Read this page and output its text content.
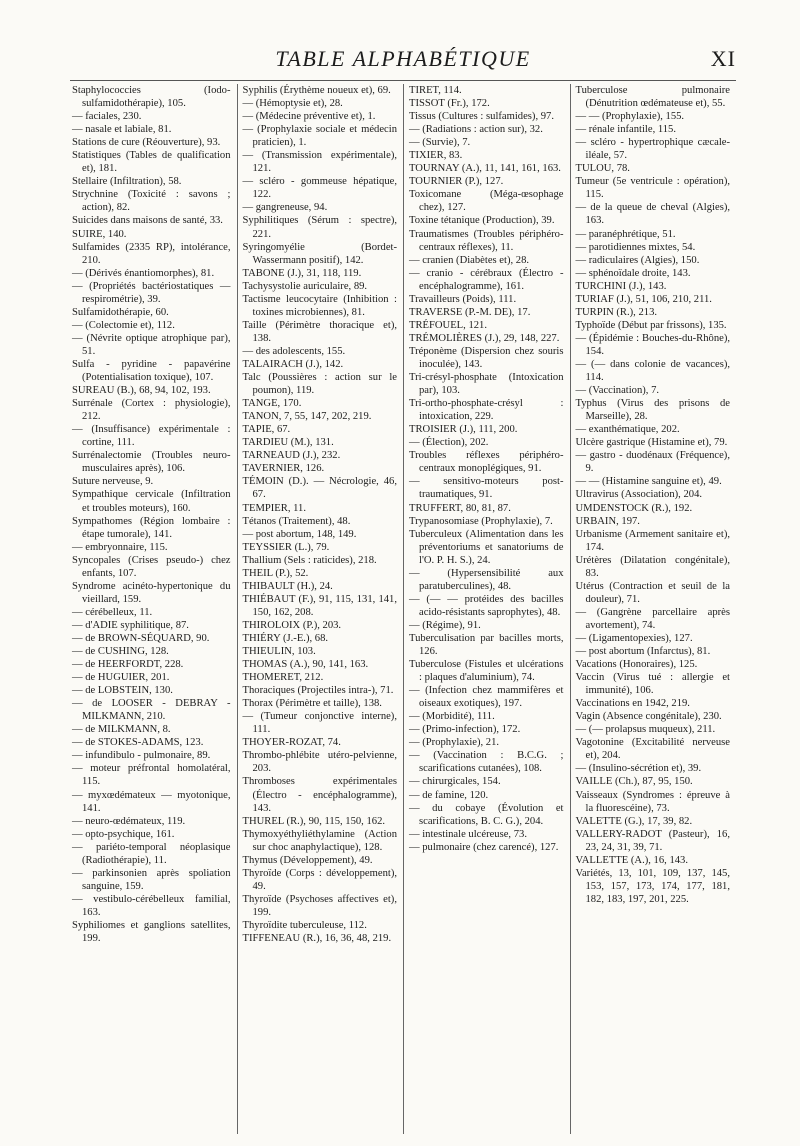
TABLE ALPHABÉTIQUE	XI

Staphylococcies (Iodo-sulfamidothérapie), 105.

— faciales, 230.

— nasale et labiale, 81.

Stations de cure (Réouverture), 93.

Statistiques (Tables de qualification et), 181.

Stellaire (Infiltration), 58.

Strychnine (Toxicité : savons ; action), 82.

Suicides dans maisons de santé, 33.

SUIRE, 140.

Sulfamides (2335 RP), intolérance, 210.

— (Dérivés énantiomorphes), 81.

— (Propriétés bactériostatiques — respirométrie), 39.

Sulfamidothérapie, 60.

— (Colectomie et), 112.

— (Névrite optique atrophique par), 51.

Sulfa - pyridine - papavérine (Potentialisation toxique), 107.

SUREAU (B.), 68, 94, 102, 193.

Surrénale (Cortex : physiologie), 212.

— (Insuffisance) expérimentale : cortine, 111.

Surrénalectomie (Troubles neuro-musculaires après), 106.

Suture nerveuse, 9.

Sympathique cervicale (Infiltration et troubles moteurs), 160.

Sympathomes (Région lombaire : étape tumorale), 141.

— embryonnaire, 115.

Syncopales (Crises pseudo-) chez enfants, 107.

Syndrome acinéto-hypertonique du vieillard, 159.

— cérébelleux, 11.

— d'ADIE syphilitique, 87.

— de BROWN-SÉQUARD, 90.

— de CUSHING, 128.

— de HEERFORDT, 228.

— de HUGUIER, 201.

— de LOBSTEIN, 130.

— de LOOSER - DEBRAY - MILKMANN, 210.

— de MILKMANN, 8.

— de STOKES-ADAMS, 123.

— infundibulo - pulmonaire, 89.

— moteur préfrontal homolatéral, 115.

— myxœdémateux — myotonique, 141.

— neuro-œdémateux, 119.

— opto-psychique, 161.

— pariéto-temporal néoplasique (Radiothérapie), 11.

— parkinsonien après spoliation sanguine, 159.

— vestibulo-cérébelleux familial, 163.

Syphiliomes et ganglions satellites, 199.

Syphilis (Érythème noueux et), 69.

— (Hémoptysie et), 28.

— (Médecine préventive et), 1.

— (Prophylaxie sociale et médecin praticien), 1.

— (Transmission expérimentale), 121.

— scléro - gommeuse hépatique, 122.

— gangreneuse, 94.

Syphilitiques (Sérum : spectre), 221.

Syringomyélie (Bordet-Wassermann positif), 142.

TABONE (J.), 31, 118, 119.

Tachysystolie auriculaire, 89.

Tactisme leucocytaire (Inhibition : toxines microbiennes), 81.

Taille (Périmètre thoracique et), 138.

— des adolescents, 155.

TALAIRACH (J.), 142.

Talc (Poussières : action sur le poumon), 119.

TANGE, 170.

TANON, 7, 55, 147, 202, 219.

TAPIE, 67.

TARDIEU (M.), 131.

TARNEAUD (J.), 232.

TAVERNIER, 126.

TÉMOIN (D.). — Nécrologie, 46, 67.

TEMPIER, 11.

Tétanos (Traitement), 48.

— post abortum, 148, 149.

TEYSSIER (L.), 79.

Thallium (Sels : raticides), 218.

THEIL (P.), 52.

THIBAULT (H.), 24.

THIÉBAUT (F.), 91, 115, 131, 141, 150, 162, 208.

THIROLOIX (P.), 203.

THIÉRY (J.-E.), 68.

THIEULIN, 103.

THOMAS (A.), 90, 141, 163.

THOMERET, 212.

Thoraciques (Projectiles intra-), 71.

Thorax (Périmètre et taille), 138.

— (Tumeur conjonctive interne), 111.

THOYER-ROZAT, 74.

Thrombo-phlébite utéro-pelvienne, 203.

Thromboses expérimentales (Électro - encéphalogramme), 143.

THUREL (R.), 90, 115, 150, 162.

Thymoxyéthyliéthylamine (Action sur choc anaphylactique), 128.

Thymus (Développement), 49.

Thyroïde (Corps : développement), 49.

Thyroïde (Psychoses affectives et), 199.

Thyroïdite tuberculeuse, 112.

TIFFENEAU (R.), 16, 36, 48, 219.

TIRET, 114.

TISSOT (Fr.), 172.

Tissus (Cultures : sulfamides), 97.

— (Radiations : action sur), 32.

— (Survie), 7.

TIXIER, 83.

TOURNAY (A.), 11, 141, 161, 163.

TOURNIER (P.), 127.

Toxicomane (Méga-œsophage chez), 127.

Toxine tétanique (Production), 39.

Traumatismes (Troubles périphéro-centraux réflexes), 11.

— cranien (Diabètes et), 28.

— cranio - cérébraux (Électro - encéphalogramme), 161.

Travailleurs (Poids), 111.

TRAVERSE (P.-M. DE), 17.

TRÉFOUEL, 121.

TRÉMOLIÈRES (J.), 29, 148, 227.

Tréponème (Dispersion chez souris inoculée), 143.

Tri-crésyl-phosphate (Intoxication par), 103.

Tri-ortho-phosphate-crésyl : intoxication, 229.

TROISIER (J.), 111, 200.

— (Élection), 202.

Troubles réflexes périphéro-centraux monoplégiques, 91.

— sensitivo-moteurs post-traumatiques, 91.

TRUFFERT, 80, 81, 87.

Trypanosomiase (Prophylaxie), 7.

Tuberculeux (Alimentation dans les préventoriums et sanatoriums de l'O. P. H. S.), 24.

— (Hypersensibilité aux paratuberculines), 48.

— (— — protéides des bacilles acido-résistants saprophytes), 48.

— (Régime), 91.

Tuberculisation par bacilles morts, 126.

Tuberculose (Fistules et ulcérations : plaques d'aluminium), 74.

— (Infection chez mammifères et oiseaux exotiques), 197.

— (Morbidité), 111.

— (Primo-infection), 172.

— (Prophylaxie), 21.

— (Vaccination : B.C.G. ; scarifications cutanées), 108.

— chirurgicales, 154.

— de famine, 120.

— du cobaye (Évolution et scarifications, B. C. G.), 204.

— intestinale ulcéreuse, 73.

— pulmonaire (chez carencé), 127.

Tuberculose pulmonaire (Dénutrition œdémateuse et), 55.

— — (Prophylaxie), 155.

— rénale infantile, 115.

— scléro - hypertrophique cæcale-iléale, 57.

TULOU, 78.

Tumeur (5e ventricule : opération), 115.

— de la queue de cheval (Algies), 163.

— paranéphrétique, 51.

— parotidiennes mixtes, 54.

— radiculaires (Algies), 150.

— sphénoïdale droite, 143.

TURCHINI (J.), 143.

TURIAF (J.), 51, 106, 210, 211.

TURPIN (R.), 213.

Typhoïde (Début par frissons), 135.

— (Épidémie : Bouches-du-Rhône), 154.

— (— dans colonie de vacances), 114.

— (Vaccination), 7.

Typhus (Virus des prisons de Marseille), 28.

— exanthématique, 202.

Ulcère gastrique (Histamine et), 79.

— gastro - duodénaux (Fréquence), 9.

— — (Histamine sanguine et), 49.

Ultravirus (Association), 204.

UMDENSTOCK (R.), 192.

URBAIN, 197.

Urbanisme (Armement sanitaire et), 174.

Urétères (Dilatation congénitale), 83.

Utérus (Contraction et seuil de la douleur), 71.

— (Gangrène parcellaire après avortement), 74.

— (Ligamentopexies), 127.

— post abortum (Infarctus), 81.

Vacations (Honoraires), 125.

Vaccin (Virus tué : allergie et immunité), 106.

Vaccinations en 1942, 219.

Vagin (Absence congénitale), 230.

— (— prolapsus muqueux), 211.

Vagotonine (Excitabilité nerveuse et), 204.

— (Insulino-sécrétion et), 39.

VAILLE (Ch.), 87, 95, 150.

Vaisseaux (Syndromes : épreuve à la fluorescéine), 73.

VALETTE (G.), 17, 39, 82.

VALLERY-RADOT (Pasteur), 16, 23, 24, 31, 39, 71.

VALLETTE (A.), 16, 143.

Variétés, 13, 101, 109, 137, 145, 153, 157, 173, 174, 177, 181, 182, 183, 197, 201, 225.
